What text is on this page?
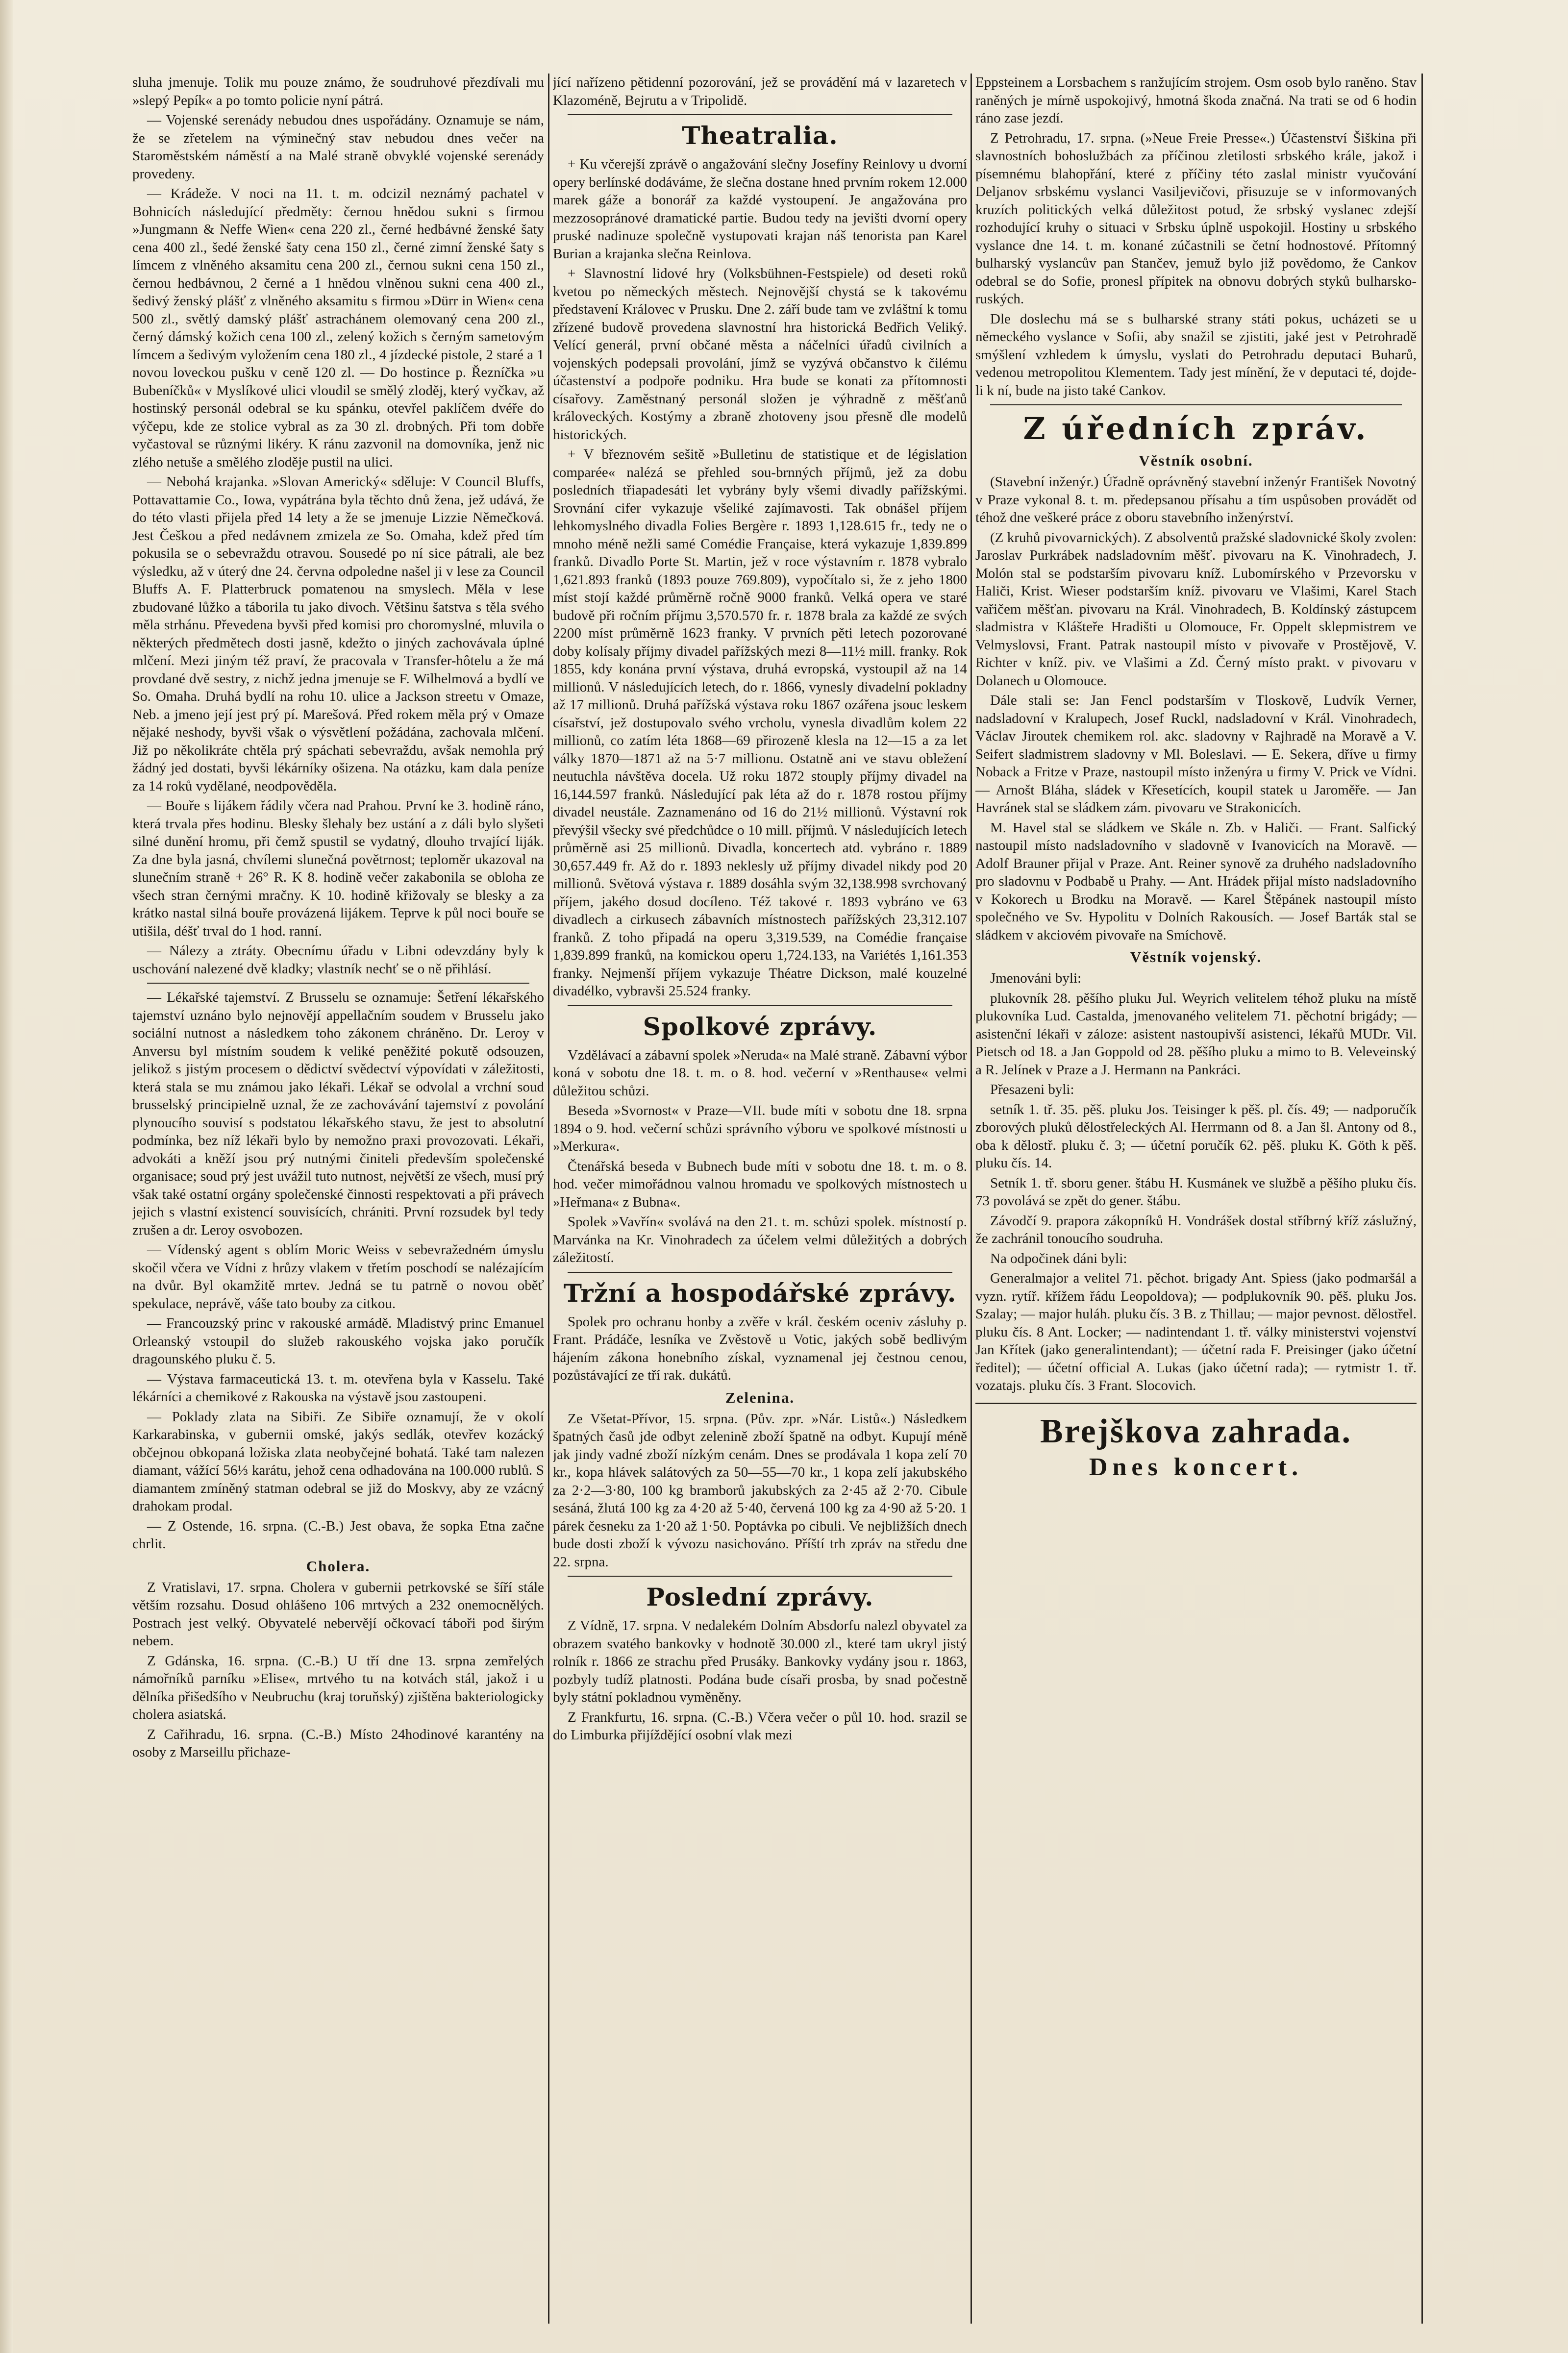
sluha jmenuje. Tolik mu pouze známo, že soudruhové přezdívali mu »slepý Pepík« a po tomto policie nyní pátrá.

— Vojenské serenády nebudou dnes uspořádány. Oznamuje se nám, že se zřetelem na výminečný stav nebudou dnes večer na Staroměstském náměstí a na Malé straně obvyklé vojenské serenády provedeny.

— Krádeže. V noci na 11. t. m. odcizil neznámý pachatel v Bohnicích následující předměty: černou hnědou sukni s firmou »Jungmann & Neffe Wien« cena 220 zl., černé hedbávné ženské šaty cena 400 zl., šedé ženské šaty cena 150 zl., černé zimní ženské šaty s límcem z vlněného aksamitu cena 200 zl., černou sukni cena 150 zl., černou hedbávnou, 2 černé a 1 hnědou vlněnou sukni cena 400 zl., šedivý ženský plášť z vlněného aksamitu s firmou »Dürr in Wien« cena 500 zl., světlý damský plášť astrachánem olemovaný cena 200 zl., černý dámský kožich cena 100 zl., zelený kožich s černým sametovým límcem a šedivým vyložením cena 180 zl., 4 jízdecké pistole, 2 staré a 1 novou loveckou pušku v ceně 120 zl. — Do hostince p. Řezníčka »u Bubeníčků« v Myslíkové ulici vloudil se smělý zloděj, který vyčkav, až hostinský personál odebral se ku spánku, otevřel paklíčem dvéře do výčepu, kde ze stolice vybral as za 30 zl. drobných. Při tom dobře vyčastoval se různými likéry. K ránu zazvonil na domovníka, jenž nic zlého netuše a smělého zloděje pustil na ulici.

— Nebohá krajanka. »Slovan Americký« sděluje: V Council Bluffs, Pottavattamie Co., Iowa, vypátrána byla těchto dnů žena, jež udává, že do této vlasti přijela před 14 lety a že se jmenuje Lizzie Němečková. Jest Češkou a před nedávnem zmizela ze So. Omaha, kdež před tím pokusila se o sebevraždu otravou. Sousedé po ní sice pátrali, ale bez výsledku, až v úterý dne 24. června odpoledne našel ji v lese za Council Bluffs A. F. Platterbruck pomatenou na smyslech. Měla v lese zbudované lůžko a táborila tu jako divoch. Většinu šatstva s těla svého měla strhánu. Převedena byvši před komisi pro choromyslné, mluvila o některých předmětech dosti jasně, kdežto o jiných zachovávala úplné mlčení. Mezi jiným též praví, že pracovala v Transfer-hôtelu a že má provdané dvě sestry, z nichž jedna jmenuje se F. Wilhelmová a bydlí ve So. Omaha. Druhá bydlí na rohu 10. ulice a Jackson streetu v Omaze, Neb. a jmeno její jest prý pí. Marešová. Před rokem měla prý v Omaze nějaké neshody, byvši však o výsvětlení požádána, zachovala mlčení. Již po několikráte chtěla prý spáchati sebevraždu, avšak nemohla prý žádný jed dostati, byvši lékárníky ošizena. Na otázku, kam dala peníze za 14 roků vydělané, neodpověděla.

— Bouře s lijákem řádily včera nad Prahou. První ke 3. hodině ráno, která trvala přes hodinu. Blesky šlehaly bez ustání a z dáli bylo slyšeti silné dunění hromu, při čemž spustil se vydatný, dlouho trvající liják. Za dne byla jasná, chvílemi slunečná povětrnost; teploměr ukazoval na slunečním straně + 26° R. K 8. hodině večer zakabonila se obloha ze všech stran černými mračny. K 10. hodině křižovaly se blesky a za krátko nastal silná bouře provázená lijákem. Teprve k půl noci bouře se utišila, déšť trval do 1 hod. ranní.

— Nálezy a ztráty. Obecnímu úřadu v Libni odevzdány byly k uschování nalezené dvě kladky; vlastník nechť se o ně přihlásí.

— Lékařské tajemství. Z Brusselu se oznamuje: Šetření lékařského tajemství uznáno bylo nejnovějí appellačním soudem v Brusselu jako sociální nutnost a následkem toho zákonem chráněno. Dr. Leroy v Anversu byl místním soudem k veliké peněžité pokutě odsouzen, jelikož s jistým procesem o dědictví svědectví výpovídati v záležitosti, která stala se mu známou jako lékaři. Lékař se odvolal a vrchní soud brusselský principielně uznal, že ze zachovávání tajemství z povolání plynoucího souvisí s podstatou lékařského stavu, že jest to absolutní podmínka, bez níž lékaři bylo by nemožno praxi provozovati. Lékaři, advokáti a kněží jsou prý nutnými činiteli především společenské organisace; soud prý jest uvážil tuto nutnost, největší ze všech, musí prý však také ostatní orgány společenské činnosti respektovati a při právech jejich s vlastní existencí souvisících, chrániti. První rozsudek byl tedy zrušen a dr. Leroy osvobozen.

— Vídenský agent s oblím Moric Weiss v sebevražedném úmyslu skočil včera ve Vídni z hrůzy vlakem v třetím poschodí se nalézajícím na dvůr. Byl okamžitě mrtev. Jedná se tu patrně o novou oběť spekulace, neprávě, váše tato bouby za citkou.

— Francouzský princ v rakouské armádě. Mladistvý princ Emanuel Orleanský vstoupil do služeb rakouského vojska jako poručík dragounského pluku č. 5.

— Výstava farmaceutická 13. t. m. otevřena byla v Kasselu. Také lékárníci a chemikové z Rakouska na výstavě jsou zastoupeni.

— Poklady zlata na Sibiři. Ze Sibiře oznamují, že v okolí Karkarabinska, v gubernii omské, jakýs sedlák, otevřev kozácký občejnou obkopaná ložiska zlata neobyčejné bohatá. Také tam nalezen diamant, vážící 56⅓ karátu, jehož cena odhadována na 100.000 rublů. S diamantem zmíněný statman odebral se již do Moskvy, aby ze vzácný drahokam prodal.

— Z Ostende, 16. srpna. (C.-B.) Jest obava, že sopka Etna začne chrlit.

Cholera.

Z Vratislavi, 17. srpna. Cholera v gubernii petrkovské se šíří stále větším rozsahu. Dosud ohlášeno 106 mrtvých a 232 onemocnělých. Postrach jest velký. Obyvatelé nebervějí očkovací táboři pod širým nebem.

Z Gdánska, 16. srpna. (C.-B.) U tří dne 13. srpna zemřelých námořníků parníku »Elise«, mrtvého tu na kotvách stál, jakož i u dělníka přišedšího v Neubruchu (kraj toruňský) zjištěna bakteriologicky cholera asiatská.

Z Cařihradu, 16. srpna. (C.-B.) Místo 24hodinové karantény na osoby z Marseillu přichaze-

jící nařízeno pětidenní pozorování, jež se provádění má v lazaretech v Klazoméně, Bejrutu a v Tripolidě.

Theatralia.

+ Ku včerejší zprávě o angažování slečny Josefíny Reinlovy u dvorní opery berlínské dodáváme, že slečna dostane hned prvním rokem 12.000 marek gáže a bonorář za každé vystoupení. Je angažována pro mezzosopránové dramatické partie. Budou tedy na jevišti dvorní opery pruské nadinuze společně vystupovati krajan náš tenorista pan Karel Burian a krajanka slečna Reinlova.

+ Slavnostní lidové hry (Volksbühnen-Festspiele) od deseti roků kvetou po německých městech. Nejnovější chystá se k takovému představení Královec v Prusku. Dne 2. září bude tam ve zvláštní k tomu zřízené budově provedena slavnostní hra historická Bedřich Veliký. Velící generál, první občané města a náčelníci úřadů civilních a vojenských podepsali provolání, jímž se vyzývá občanstvo k čilému účastenství a podpoře podniku. Hra bude se konati za přítomnosti císařovy. Zaměstnaný personál složen je výhradně z měšťanů královeckých. Kostýmy a zbraně zhotoveny jsou přesně dle modelů historických.

+ V březnovém sešitě »Bulletinu de statistique et de législation comparée« nalézá se přehled sou-brnných příjmů, jež za dobu posledních třiapadesáti let vybrány byly všemi divadly pařížskými. Srovnání cifer vykazuje všeliké zajímavosti. Tak obnášel příjem lehkomyslného divadla Folies Bergère r. 1893 1,128.615 fr., tedy ne o mnoho méně nežli samé Comédie Française, která vykazuje 1,839.899 franků. Divadlo Porte St. Martin, jež v roce výstavním r. 1878 vybralo 1,621.893 franků (1893 pouze 769.809), vypočítalo si, že z jeho 1800 míst stojí každé průměrně ročně 9000 franků. Velká opera ve staré budově při ročním příjmu 3,570.570 fr. r. 1878 brala za každé ze svých 2200 míst průměrně 1623 franky. V prvních pěti letech pozorované doby kolísaly příjmy divadel pařížských mezi 8—11½ mill. franky. Rok 1855, kdy konána první výstava, druhá evropská, vystoupil až na 14 millionů. V následujících letech, do r. 1866, vynesly divadelní pokladny až 17 millionů. Druhá pařížská výstava roku 1867 ozářena jsouc leskem císařství, jež dostupovalo svého vrcholu, vynesla divadlům kolem 22 millionů, co zatím léta 1868—69 přirozeně klesla na 12—15 a za let války 1870—1871 až na 5·7 millionu. Ostatně ani ve stavu obležení neutuchla návštěva docela. Už roku 1872 stouply příjmy divadel na 16,144.597 franků. Následující pak léta až do r. 1878 rostou příjmy divadel neustále. Zaznamenáno od 16 do 21½ millionů. Výstavní rok převýšil všecky své předchůdce o 10 mill. příjmů. V následujících letech průměrně asi 25 millionů. Divadla, koncertech atd. vybráno r. 1889 30,657.449 fr. Až do r. 1893 neklesly už příjmy divadel nikdy pod 20 millionů. Světová výstava r. 1889 dosáhla svým 32,138.998 svrchovaný příjem, jakého dosud docíleno. Též takové r. 1893 vybráno ve 63 divadlech a cirkusech zábavních místnostech pařížských 23,312.107 franků. Z toho připadá na operu 3,319.539, na Comédie française 1,839.899 franků, na komickou operu 1,724.133, na Variétés 1,161.353 franky. Nejmenší příjem vykazuje Théatre Dickson, malé kouzelné divadélko, vybravši 25.524 franky.

Spolkové zprávy.

Vzdělávací a zábavní spolek »Neruda« na Malé straně. Zábavní výbor koná v sobotu dne 18. t. m. o 8. hod. večerní v »Renthause« velmi důležitou schůzi.

Beseda »Svornost« v Praze—VII. bude míti v sobotu dne 18. srpna 1894 o 9. hod. večerní schůzi správního výboru ve spolkové místnosti u »Merkura«.

Čtenářská beseda v Bubnech bude míti v sobotu dne 18. t. m. o 8. hod. večer mimořádnou valnou hromadu ve spolkových místnostech u »Heřmana« z Bubna«.

Spolek »Vavřín« svolává na den 21. t. m. schůzi spolek. místností p. Marvánka na Kr. Vinohradech za účelem velmi důležitých a dobrých záležitostí.

Tržní a hospodářské zprávy.

Spolek pro ochranu honby a zvěře v král. českém oceniv zásluhy p. Frant. Prádáče, lesníka ve Zvěstově u Votic, jakých sobě bedlivým hájením zákona honebního získal, vyznamenal jej čestnou cenou, pozůstávající ze tří rak. dukátů.

Zelenina.

Ze Všetat-Přívor, 15. srpna. (Pův. zpr. »Nár. Listů«.) Následkem špatných časů jde odbyt zelenině zboží špatně na odbyt. Kupují méně jak jindy vadné zboží nízkým cenám. Dnes se prodávala 1 kopa zelí 70 kr., kopa hlávek salátových za 50—55—70 kr., 1 kopa zelí jakubského za 2·2—3·80, 100 kg bramborů jakubských za 2·45 až 2·70. Cibule sesáná, žlutá 100 kg za 4·20 až 5·40, červená 100 kg za 4·90 až 5·20. 1 párek česneku za 1·20 až 1·50. Poptávka po cibuli. Ve nejbližších dnech bude dosti zboží k vývozu nasichováno. Příští trh zpráv na středu dne 22. srpna.

Poslední zprávy.

Z Vídně, 17. srpna. V nedalekém Dolním Absdorfu nalezl obyvatel za obrazem svatého bankovky v hodnotě 30.000 zl., které tam ukryl jistý rolník r. 1866 ze strachu před Prusáky. Bankovky vydány jsou r. 1863, pozbyly tudíž platnosti. Podána bude císaři prosba, by snad počestně byly státní pokladnou vyměněny.

Z Frankfurtu, 16. srpna. (C.-B.) Včera večer o půl 10. hod. srazil se do Limburka přijíždějící osobní vlak mezi

Eppsteinem a Lorsbachem s ranžujícím strojem. Osm osob bylo raněno. Stav raněných je mírně uspokojivý, hmotná škoda značná. Na trati se od 6 hodin ráno zase jezdí.

Z Petrohradu, 17. srpna. (»Neue Freie Presse«.) Účastenství Šiškina při slavnostních bohoslužbách za příčinou zletilosti srbského krále, jakož i písemnému blahopřání, které z příčiny této zaslal ministr vyučování Deljanov srbskému vyslanci Vasiljevičovi, přisuzuje se v informovaných kruzích politických velká důležitost potud, že srbský vyslanec zdejší rozhodující kruhy o situaci v Srbsku úplně uspokojil. Hostiny u srbského vyslance dne 14. t. m. konané zúčastnili se četní hodnostové. Přítomný bulharský vyslancův pan Stančev, jemuž bylo již povědomo, že Cankov odebral se do Sofie, pronesl přípitek na obnovu dobrých styků bulharsko-ruských.

Dle doslechu má se s bulharské strany státi pokus, ucházeti se u německého vyslance v Sofii, aby snažil se zjistiti, jaké jest v Petrohradě smýšlení vzhledem k úmyslu, vyslati do Petrohradu deputaci Buharů, vedenou metropolitou Klementem. Tady jest mínění, že v deputaci té, dojde-li k ní, bude na jisto také Cankov.

Z úředních zpráv.
Věstník osobní.

(Stavební inženýr.) Úřadně oprávněný stavební inženýr František Novotný v Praze vykonal 8. t. m. předepsanou přísahu a tím uspůsoben provádět od téhož dne veškeré práce z oboru stavebního inženýrství.

(Z kruhů pivovarnických). Z absolventů pražské sladovnické školy zvolen: Jaroslav Purkrábek nadsladovním měšť. pivovaru na K. Vinohradech, J. Molón stal se podstarším pivovaru kníž. Lubomírského v Przevorsku v Haliči, Krist. Wieser podstarším kníž. pivovaru ve Vlašimi, Karel Stach vařičem měšťan. pivovaru na Král. Vinohradech, B. Koldínský zástupcem sladmistra v Klášteře Hradišti u Olomouce, Fr. Oppelt sklepmistrem ve Velmyslovsi, Frant. Patrak nastoupil místo v pivovaře v Prostějově, V. Richter v kníž. piv. ve Vlašimi a Zd. Černý místo prakt. v pivovaru v Dolanech u Olomouce.

Dále stali se: Jan Fencl podstarším v Tloskově, Ludvík Verner, nadsladovní v Kralupech, Josef Ruckl, nadsladovní v Král. Vinohradech, Václav Jiroutek chemikem rol. akc. sladovny v Rajhradě na Moravě a V. Seifert sladmistrem sladovny v Ml. Boleslavi. — E. Sekera, dříve u firmy Noback a Fritze v Praze, nastoupil místo inženýra u firmy V. Prick ve Vídni. — Arnošt Bláha, sládek v Křesetících, koupil statek u Jaroměře. — Jan Havránek stal se sládkem zám. pivovaru ve Strakonicích.

M. Havel stal se sládkem ve Skále n. Zb. v Haliči. — Frant. Salfický nastoupil místo nadsladovního v sladovně v Ivanovicích na Moravě. — Adolf Brauner přijal v Praze. Ant. Reiner synově za druhého nadsladovního pro sladovnu v Podbabě u Prahy. — Ant. Hrádek přijal místo nadsladovního v Kokorech u Brodku na Moravě. — Karel Štěpánek nastoupil místo společného ve Sv. Hypolitu v Dolních Rakousích. — Josef Barták stal se sládkem v akciovém pivovaře na Smíchově.

Věstník vojenský.

Jmenováni byli:

plukovník 28. pěšího pluku Jul. Weyrich velitelem téhož pluku na místě plukovníka Lud. Castalda, jmenovaného velitelem 71. pěchotní brigády; — asistenční lékaři v záloze: asistent nastoupivší asistenci, lékařů MUDr. Vil. Pietsch od 18. a Jan Goppold od 28. pěšího pluku a mimo to B. Veleveinský a R. Jelínek v Praze a J. Hermann na Pankráci.

Přesazeni byli:

setník 1. tř. 35. pěš. pluku Jos. Teisinger k pěš. pl. čís. 49; — nadporučík zborových pluků dělostřeleckých Al. Herrmann od 8. a Jan šl. Antony od 8., oba k dělostř. pluku č. 3; — účetní poručík 62. pěš. pluku K. Göth k pěš. pluku čís. 14.

Setník 1. tř. sboru gener. štábu H. Kusmánek ve službě a pěšího pluku čís. 73 povolává se zpět do gener. štábu.

Závodčí 9. prapora zákopníků H. Vondrášek dostal stříbrný kříž záslužný, že zachránil tonoucího soudruha.

Na odpočinek dáni byli:

Generalmajor a velitel 71. pěchot. brigady Ant. Spiess (jako podmaršál a vyzn. rytíř. křížem řádu Leopoldova); — podplukovník 90. pěš. pluku Jos. Szalay; — major huláh. pluku čís. 3 B. z Thillau; — major pevnost. dělostřel. pluku čís. 8 Ant. Locker; — nadintendant 1. tř. války ministerstvi vojenství Jan Křítek (jako generalintendant); — účetní rada F. Preisinger (jako účetní ředitel); — účetní official A. Lukas (jako účetní rada); — rytmistr 1. tř. vozatajs. pluku čís. 3 Frant. Slocovich.

Brejškova zahrada.
Dnes koncert.
